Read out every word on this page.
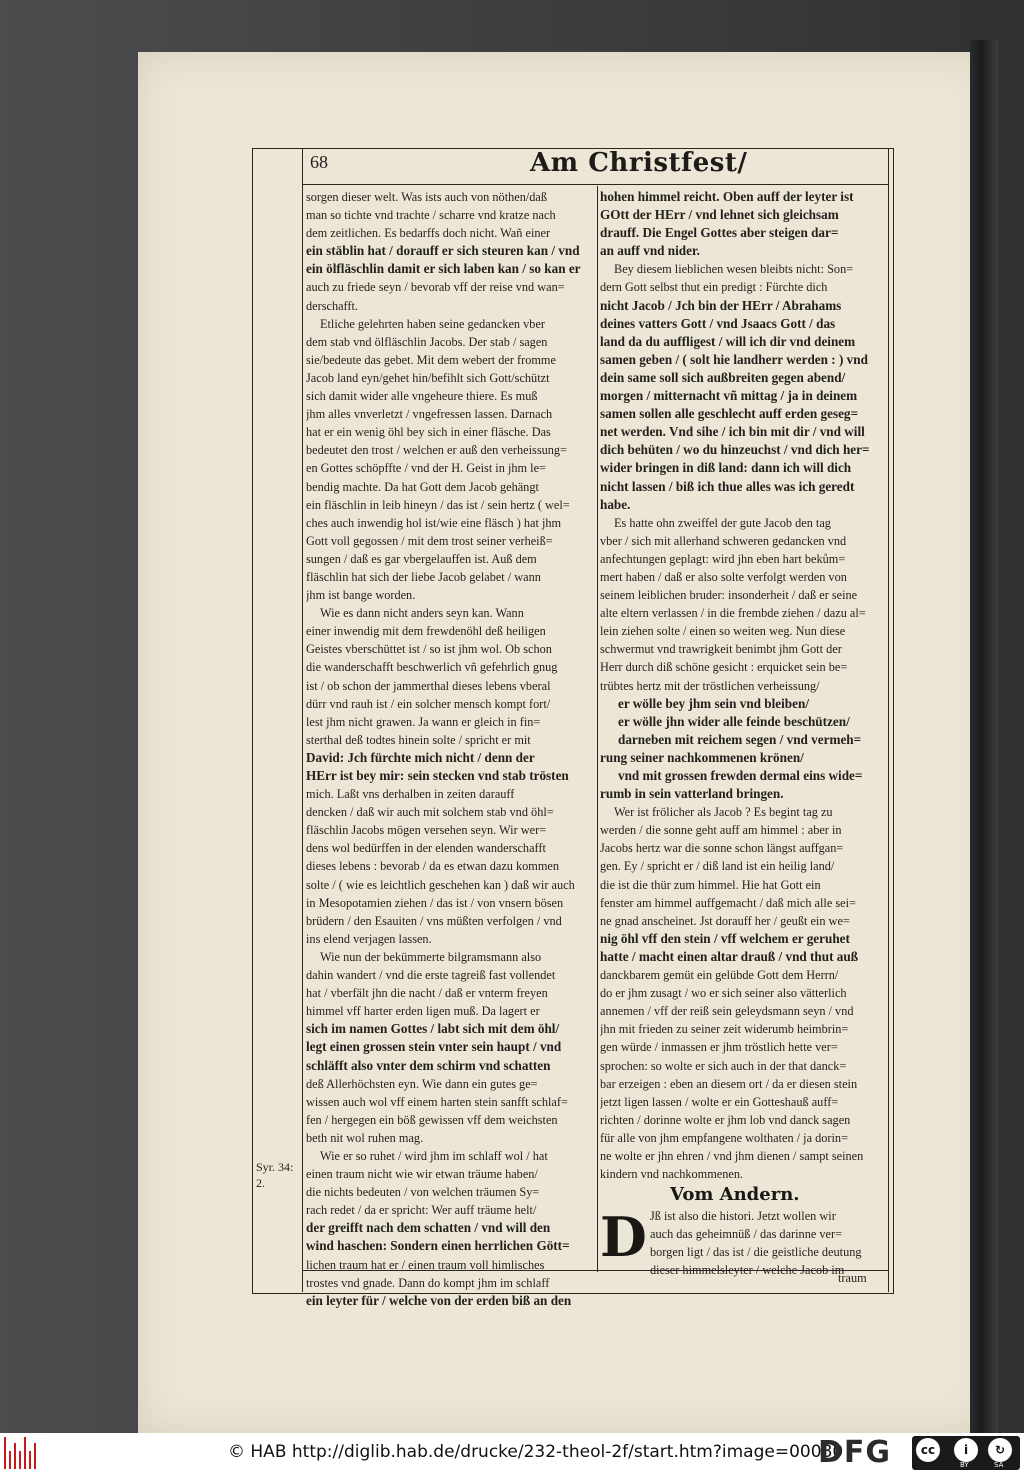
68	Am Christfest/
sorgen dieser welt. Was ists auch von nöthen/daß
man so tichte vnd trachte / scharre vnd kratze nach
dem zeitlichen. Es bedarffs doch nicht. Wañ einer
ein stäblin hat / dorauff er sich steuren kan / vnd
ein ölfläschlin damit er sich laben kan / so kan er
auch zu friede seyn / bevorab vff der reise vnd wan=
derschafft.
Etliche gelehrten haben seine gedancken vber
dem stab vnd ölfläschlin Jacobs. Der stab / sagen
sie/bedeute das gebet. Mit dem webert der fromme
Jacob land eyn/gehet hin/befihlt sich Gott/schützt
sich damit wider alle vngeheure thiere. Es muß
jhm alles vnverletzt / vngefressen lassen. Darnach
hat er ein wenig öhl bey sich in einer fläsche. Das
bedeutet den trost / welchen er auß den verheissung=
en Gottes schöpffte / vnd der H. Geist in jhm le=
bendig machte. Da hat Gott dem Jacob gehängt
ein fläschlin in leib hineyn / das ist / sein hertz ( wel=
ches auch inwendig hol ist/wie eine fläsch ) hat jhm
Gott voll gegossen / mit dem trost seiner verheiß=
sungen / daß es gar vbergelauffen ist. Auß dem
fläschlin hat sich der liebe Jacob gelabet / wann
jhm ist bange worden.
Wie es dann nicht anders seyn kan. Wann
einer inwendig mit dem frewdenöhl deß heiligen
Geistes vberschüttet ist / so ist jhm wol. Ob schon
die wanderschafft beschwerlich vñ gefehrlich gnug
ist / ob schon der jammerthal dieses lebens vberal
dürr vnd rauh ist / ein solcher mensch kompt fort/
lest jhm nicht grawen. Ja wann er gleich in fin=
sterthal deß todtes hinein solte / spricht er mit
David: Jch fürchte mich nicht / denn der
HErr ist bey mir: sein stecken vnd stab trösten
mich. Laßt vns derhalben in zeiten darauff
dencken / daß wir auch mit solchem stab vnd öhl=
fläschlin Jacobs mögen versehen seyn. Wir wer=
dens wol bedürffen in der elenden wanderschafft
dieses lebens : bevorab / da es etwan dazu kommen
solte / ( wie es leichtlich geschehen kan ) daß wir auch
in Mesopotamien ziehen / das ist / von vnsern bösen
brüdern / den Esauiten / vns müßten verfolgen / vnd
ins elend verjagen lassen.
Wie nun der bekümmerte bilgramsmann also
dahin wandert / vnd die erste tagreiß fast vollendet
hat / vberfält jhn die nacht / daß er vnterm freyen
himmel vff harter erden ligen muß. Da lagert er
sich im namen Gottes / labt sich mit dem öhl/
legt einen grossen stein vnter sein haupt / vnd
schläfft also vnter dem schirm vnd schatten
deß Allerhöchsten eyn. Wie dann ein gutes ge=
wissen auch wol vff einem harten stein sanfft schlaf=
fen / hergegen ein böß gewissen vff dem weichsten
beth nit wol ruhen mag.
Wie er so ruhet / wird jhm im schlaff wol / hat
einen traum nicht wie wir etwan träume haben/
die nichts bedeuten / von welchen träumen Sy=
rach redet / da er spricht: Wer auff träume helt/
der greifft nach dem schatten / vnd will den
wind haschen: Sondern einen herrlichen Gött=
lichen traum hat er / einen traum voll himlisches
trostes vnd gnade. Dann do kompt jhm im schlaff
ein leyter für / welche von der erden biß an den
hohen himmel reicht. Oben auff der leyter ist
GOtt der HErr / vnd lehnet sich gleichsam
drauff. Die Engel Gottes aber steigen dar=
an auff vnd nider.
Bey diesem lieblichen wesen bleibts nicht: Son=
dern Gott selbst thut ein predigt : Fürchte dich
nicht Jacob / Jch bin der HErr / Abrahams
deines vatters Gott / vnd Jsaacs Gott / das
land da du auffligest / will ich dir vnd deinem
samen geben / ( solt hie landherr werden : ) vnd
dein same soll sich außbreiten gegen abend/
morgen / mitternacht vñ mittag / ja in deinem
samen sollen alle geschlecht auff erden geseg=
net werden. Vnd sihe / ich bin mit dir / vnd will
dich behüten / wo du hinzeuchst / vnd dich her=
wider bringen in diß land: dann ich will dich
nicht lassen / biß ich thue alles was ich geredt
habe.
Es hatte ohn zweiffel der gute Jacob den tag
vber / sich mit allerhand schweren gedancken vnd
anfechtungen geplagt: wird jhn eben hart bekům=
mert haben / daß er also solte verfolgt werden von
seinem leiblichen bruder: insonderheit / daß er seine
alte eltern verlassen / in die frembde ziehen / dazu al=
lein ziehen solte / einen so weiten weg. Nun diese
schwermut vnd trawrigkeit benimbt jhm Gott der
Herr durch diß schöne gesicht : erquicket sein be=
trübtes hertz mit der tröstlichen verheissung/
er wölle bey jhm sein vnd bleiben/
er wölle jhn wider alle feinde beschützen/
darneben mit reichem segen / vnd vermeh=
rung seiner nachkommenen krönen/
vnd mit grossen frewden dermal eins wide=
rumb in sein vatterland bringen.
Wer ist frölicher als Jacob ? Es begint tag zu
werden / die sonne geht auff am himmel : aber in
Jacobs hertz war die sonne schon längst auffgan=
gen. Ey / spricht er / diß land ist ein heilig land/
die ist die thür zum himmel. Hie hat Gott ein
fenster am himmel auffgemacht / daß mich alle sei=
ne gnad anscheinet. Jst dorauff her / geußt ein we=
nig öhl vff den stein / vff welchem er geruhet
hatte / macht einen altar drauß / vnd thut auß
danckbarem gemüt ein gelübde Gott dem Herrn/
do er jhm zusagt / wo er sich seiner also vätterlich
annemen / vff der reiß sein geleydsmann seyn / vnd
jhn mit frieden zu seiner zeit widerumb heimbrin=
gen würde / inmassen er jhm tröstlich hette ver=
sprochen: so wolte er sich auch in der that danck=
bar erzeigen : eben an diesem ort / da er diesen stein
jetzt ligen lassen / wolte er ein Gotteshauß auff=
richten / dorinne wolte er jhm lob vnd danck sagen
für alle von jhm empfangene wolthaten / ja dorin=
ne wolte er jhn ehren / vnd jhm dienen / sampt seinen
kindern vnd nachkommenen.
Vom Andern.
D Jß ist also die histori. Jetzt wollen wir
auch das geheimnüß / das darinne ver=
borgen ligt / das ist / die geistliche deutung
dieser himmelsleyter / welche Jacob im
Syr. 34:
2.
traum
© HAB http://diglib.hab.de/drucke/232-theol-2f/start.htm?image=00080
DFG	cc	i
BY
↻
SA
